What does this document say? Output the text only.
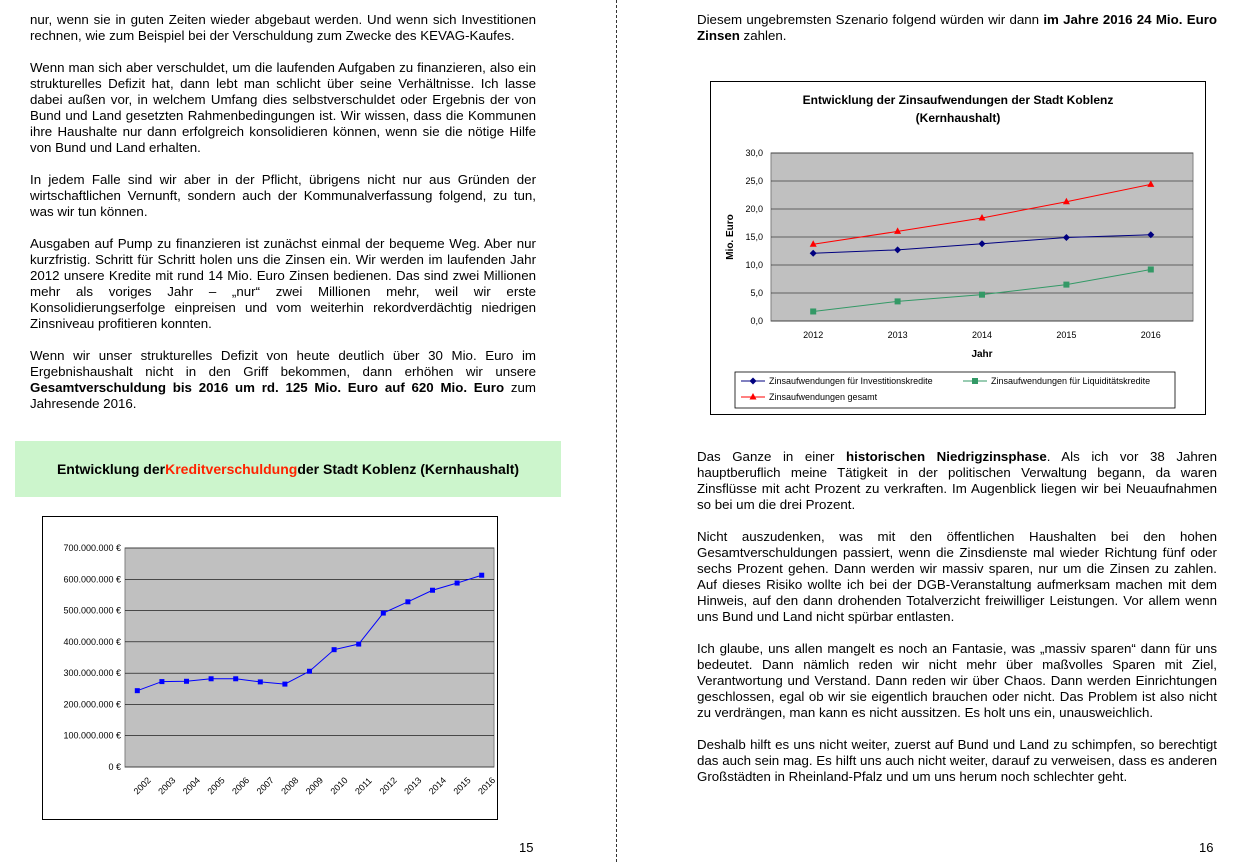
nur, wenn sie in guten Zeiten wieder abgebaut werden. Und wenn sich Investitionen rechnen, wie zum Beispiel bei der Verschuldung zum Zwecke des KEVAG-Kaufes.

Wenn man sich aber verschuldet, um die laufenden Aufgaben zu finanzieren, also ein strukturelles Defizit hat, dann lebt man schlicht über seine Verhältnisse. Ich lasse dabei außen vor, in welchem Umfang dies selbstverschuldet oder Ergebnis der von Bund und Land gesetzten Rahmenbedingungen ist. Wir wissen, dass die Kommunen ihre Haushalte nur dann erfolgreich konsolidieren können, wenn sie die nötige Hilfe von Bund und Land erhalten.

In jedem Falle sind wir aber in der Pflicht, übrigens nicht nur aus Gründen der wirtschaftlichen Vernunft, sondern auch der Kommunalverfassung folgend, zu tun, was wir tun können.

Ausgaben auf Pump zu finanzieren ist zunächst einmal der bequeme Weg. Aber nur kurzfristig. Schritt für Schritt holen uns die Zinsen ein. Wir werden im laufenden Jahr 2012 unsere Kredite mit rund 14 Mio. Euro Zinsen bedienen. Das sind zwei Millionen mehr als voriges Jahr – „nur“ zwei Millionen mehr, weil wir erste Konsolidierungserfolge einpreisen und vom weiterhin rekordverdächtig niedrigen Zinsniveau profitieren konnten.

Wenn wir unser strukturelles Defizit von heute deutlich über 30 Mio. Euro im Ergebnishaushalt nicht in den Griff bekommen, dann erhöhen wir unsere Gesamtverschuldung bis 2016 um rd. 125 Mio. Euro auf 620 Mio. Euro zum Jahresende 2016.

Entwicklung der Kreditverschuldung der Stadt Koblenz (Kernhaushalt)
0 €
100.000.000 €
200.000.000 €
300.000.000 €
400.000.000 €
500.000.000 €
600.000.000 €
700.000.000 €
2002 2003 2004 2005 2006 2007 2008 2009 2010 2011 2012 2013 2014 2015 2016
15

Diesem ungebremsten Szenario folgend würden wir dann im Jahre 2016 24 Mio. Euro Zinsen zahlen.

Entwicklung der Zinsaufwendungen der Stadt Koblenz
(Kernhaushalt)
0,0
5,0
10,0
15,0
20,0
25,0
30,0
Mio. Euro
2012	2013	2014	2015	2016
Jahr
Zinsaufwendungen für Investitionskredite	Zinsaufwendungen für Liquiditätskredite
Zinsaufwendungen gesamt

Das Ganze in einer historischen Niedrigzinsphase. Als ich vor 38 Jahren hauptberuflich meine Tätigkeit in der politischen Verwaltung begann, da waren Zinsflüsse mit acht Prozent zu verkraften. Im Augenblick liegen wir bei Neuaufnahmen so bei um die drei Prozent.

Nicht auszudenken, was mit den öffentlichen Haushalten bei den hohen Gesamtverschuldungen passiert, wenn die Zinsdienste mal wieder Richtung fünf oder sechs Prozent gehen. Dann werden wir massiv sparen, nur um die Zinsen zu zahlen. Auf dieses Risiko wollte ich bei der DGB-Veranstaltung aufmerksam machen mit dem Hinweis, auf den dann drohenden Totalverzicht freiwilliger Leistungen. Vor allem wenn uns Bund und Land nicht spürbar entlasten.

Ich glaube, uns allen mangelt es noch an Fantasie, was „massiv sparen“ dann für uns bedeutet. Dann nämlich reden wir nicht mehr über maßvolles Sparen mit Ziel, Verantwortung und Verstand. Dann reden wir über Chaos. Dann werden Einrichtungen geschlossen, egal ob wir sie eigentlich brauchen oder nicht. Das Problem ist also nicht zu verdrängen, man kann es nicht aussitzen. Es holt uns ein, unausweichlich.

Deshalb hilft es uns nicht weiter, zuerst auf Bund und Land zu schimpfen, so berechtigt das auch sein mag. Es hilft uns auch nicht weiter, darauf zu verweisen, dass es anderen Großstädten in Rheinland-Pfalz und um uns herum noch schlechter geht.

16
